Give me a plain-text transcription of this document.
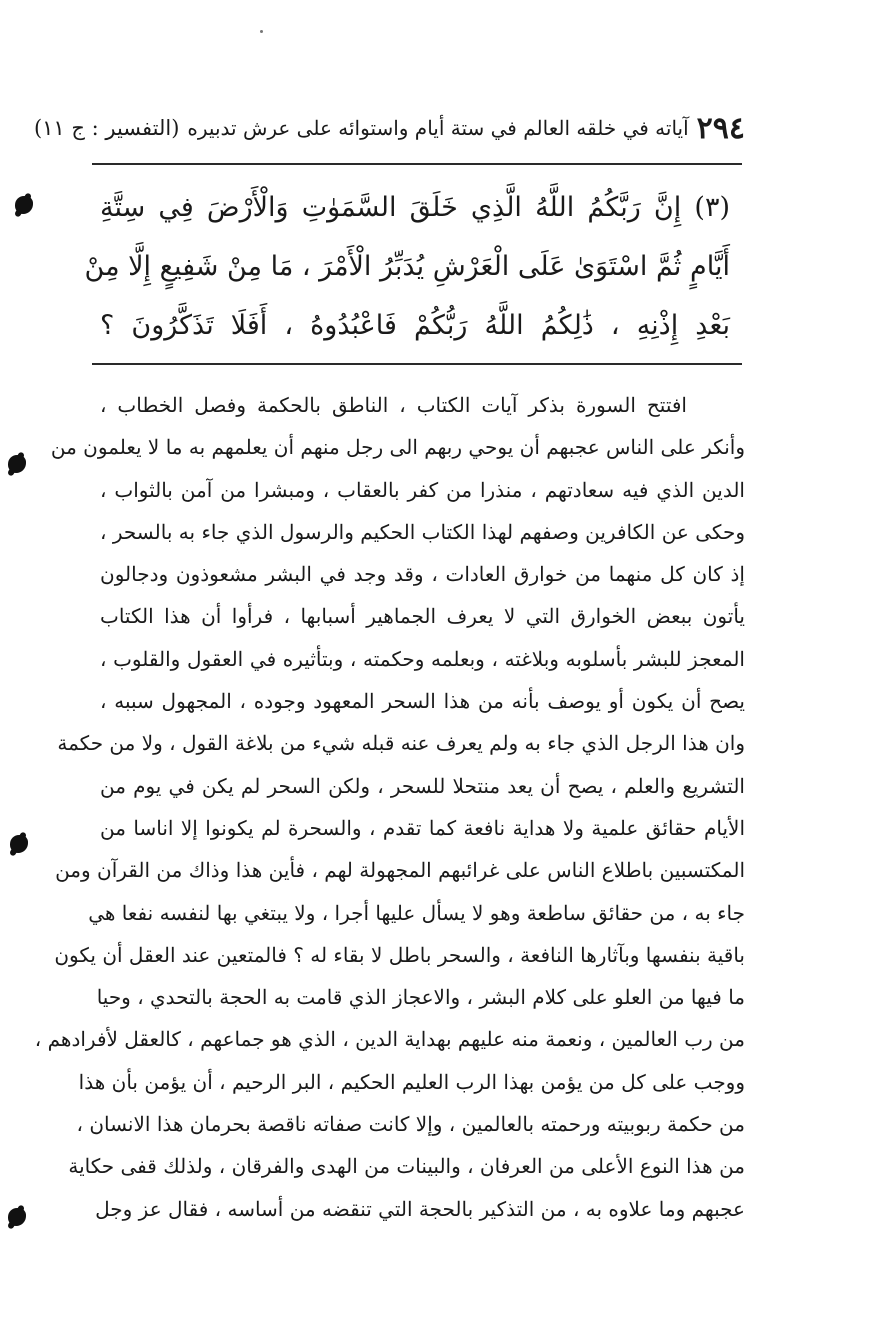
٢٩٤
آياته في خلقه العالم في ستة أيام واستوائه على عرش تدبيره
(التفسير : ج ١١)
(٣) إِنَّ رَبَّكُمُ اللَّهُ الَّذِي خَلَقَ السَّمَوٰتِ وَالْأَرْضَ فِي سِتَّةِ
أَيَّامٍ ثُمَّ اسْتَوَىٰ عَلَى الْعَرْشِ يُدَبِّرُ الْأَمْرَ ، مَا مِنْ شَفِيعٍ إِلَّا مِنْ
بَعْدِ إِذْنِهِ ، ذَٰلِكُمُ اللَّهُ رَبُّكُمْ فَاعْبُدُوهُ ، أَفَلَا تَذَكَّرُونَ ؟
افتتح السورة بذكر آيات الكتاب ، الناطق بالحكمة وفصل الخطاب ،
وأنكر على الناس عجبهم أن يوحي ربهم الى رجل منهم أن يعلمهم به ما لا يعلمون من
الدين الذي فيه سعادتهم ، منذرا من كفر بالعقاب ، ومبشرا من آمن بالثواب ،
وحكى عن الكافرين وصفهم لهذا الكتاب الحكيم والرسول الذي جاء به بالسحر ،
إذ كان كل منهما من خوارق العادات ، وقد وجد في البشر مشعوذون ودجالون
يأتون ببعض الخوارق التي لا يعرف الجماهير أسبابها ، فرأوا أن هذا الكتاب
المعجز للبشر بأسلوبه وبلاغته ، وبعلمه وحكمته ، وبتأثيره في العقول والقلوب ،
يصح أن يكون أو يوصف بأنه من هذا السحر المعهود وجوده ، المجهول سببه ،
وان هذا الرجل الذي جاء به ولم يعرف عنه قبله شيء من بلاغة القول ، ولا من حكمة
التشريع والعلم ، يصح أن يعد منتحلا للسحر ، ولكن السحر لم يكن في يوم من
الأيام حقائق علمية ولا هداية نافعة كما تقدم ، والسحرة لم يكونوا إلا اناسا من
المكتسبين باطلاع الناس على غرائبهم المجهولة لهم ، فأين هذا وذاك من القرآن ومن
جاء به ، من حقائق ساطعة وهو لا يسأل عليها أجرا ، ولا يبتغي بها لنفسه نفعا هي
باقية بنفسها وبآثارها النافعة ، والسحر باطل لا بقاء له ؟ فالمتعين عند العقل أن يكون
ما فيها من العلو على كلام البشر ، والاعجاز الذي قامت به الحجة بالتحدي ، وحيا
من رب العالمين ، ونعمة منه عليهم بهداية الدين ، الذي هو جماعهم ، كالعقل لأفرادهم ،
ووجب على كل من يؤمن بهذا الرب العليم الحكيم ، البر الرحيم ، أن يؤمن بأن هذا
من حكمة ربوبيته ورحمته بالعالمين ، وإلا كانت صفاته ناقصة بحرمان هذا الانسان ،
من هذا النوع الأعلى من العرفان ، والبينات من الهدى والفرقان ، ولذلك قفى حكاية
عجبهم وما علاوه به ، من التذكير بالحجة التي تنقضه من أساسه ، فقال عز وجل
